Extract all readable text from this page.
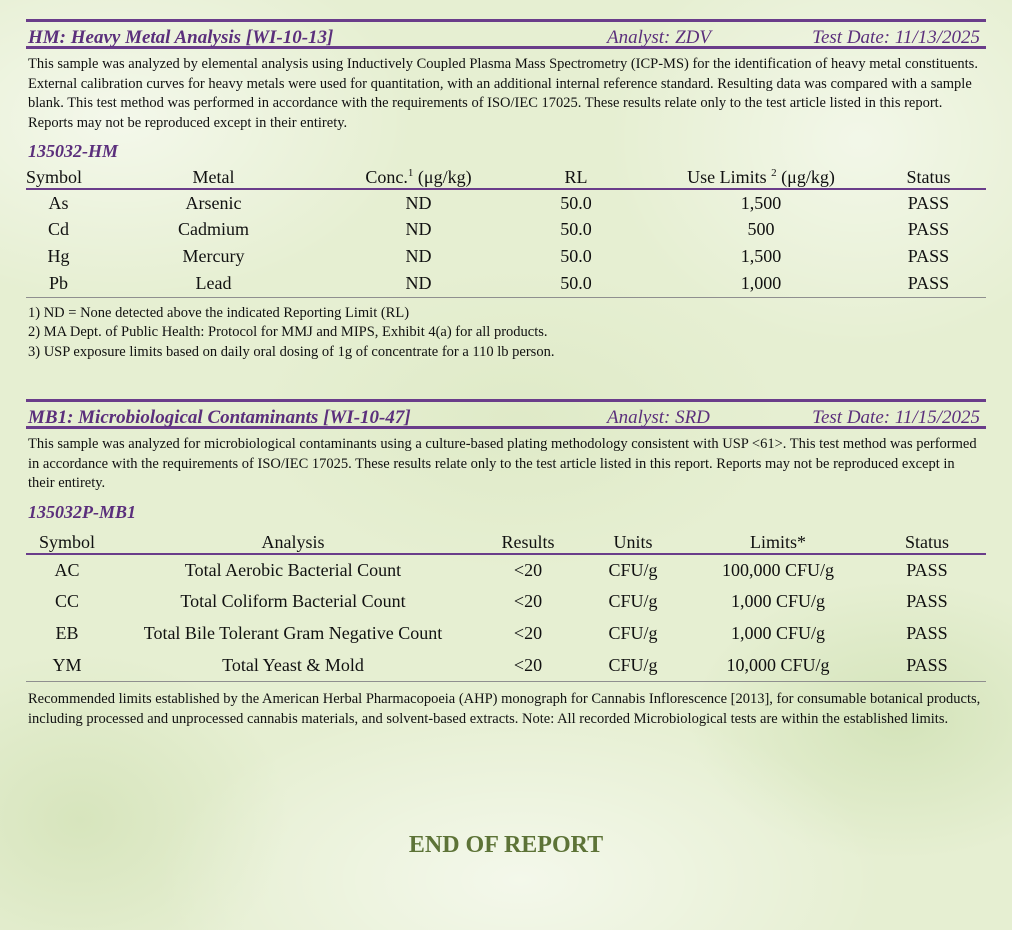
HM: Heavy Metal Analysis [WI-10-13]	Analyst: ZDV	Test Date: 11/13/2025

This sample was analyzed by elemental analysis using Inductively Coupled Plasma Mass Spectrometry (ICP-MS) for the identification of heavy metal constituents. External calibration curves for heavy metals were used for quantitation, with an additional internal reference standard. Resulting data was compared with a sample blank. This test method was performed in accordance with the requirements of ISO/IEC 17025. These results relate only to the test article listed in this report. Reports may not be reproduced except in their entirety.

135032-HM
Symbol	Metal	Conc.$^1$ (μg/kg)	RL	Use Limits $^2$ (μg/kg)	Status
As	Arsenic	ND	50.0	1,500	PASS
Cd	Cadmium	ND	50.0	500	PASS
Hg	Mercury	ND	50.0	1,500	PASS
Pb	Lead	ND	50.0	1,000	PASS
1) ND = None detected above the indicated Reporting Limit (RL)
2) MA Dept. of Public Health: Protocol for MMJ and MIPS, Exhibit 4(a) for all products.
3) USP exposure limits based on daily oral dosing of 1g of concentrate for a 110 lb person.
MB1: Microbiological Contaminants [WI-10-47]	Analyst: SRD	Test Date: 11/15/2025

This sample was analyzed for microbiological contaminants using a culture-based plating methodology consistent with USP <61>. This test method was performed in accordance with the requirements of ISO/IEC 17025. These results relate only to the test article listed in this report. Reports may not be reproduced except in their entirety.

135032P-MB1
Symbol	Analysis	Results	Units	Limits*	Status
AC	Total Aerobic Bacterial Count	<20	CFU/g	100,000 CFU/g	PASS
CC	Total Coliform Bacterial Count	<20	CFU/g	1,000 CFU/g	PASS
EB	Total Bile Tolerant Gram Negative Count	<20	CFU/g	1,000 CFU/g	PASS
YM	Total Yeast & Mold	<20	CFU/g	10,000 CFU/g	PASS

Recommended limits established by the American Herbal Pharmacopoeia (AHP) monograph for Cannabis Inflorescence [2013], for consumable botanical products, including processed and unprocessed cannabis materials, and solvent-based extracts. Note: All recorded Microbiological tests are within the established limits.

END OF REPORT
